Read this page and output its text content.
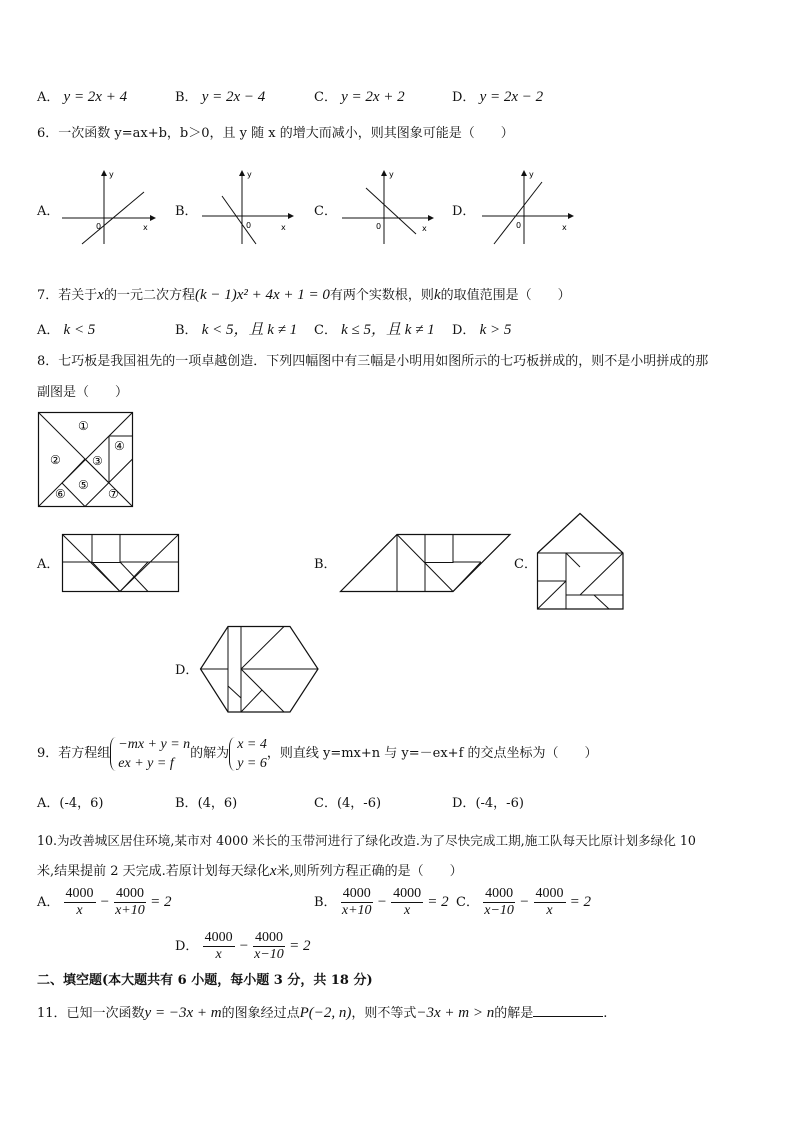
A． y = 2x + 4	B． y = 2x − 4	C． y = 2x + 2	D． y = 2x − 2
6．一次函数 y=ax+b，b＞0，且 y 随 x 的增大而减小，则其图象可能是（　　）
A．
y
x
0
B．
y
x
0
C．
y
x
0
D．
y
x
0
7．若关于x的一元二次方程(k − 1)x² + 4x + 1 = 0有两个实数根，则k的取值范围是（　　）
A． k < 5	B． k < 5，且 k ≠ 1 C． k ≤ 5，且 k ≠ 1 D． k > 5
8．七巧板是我国祖先的一项卓越创造．下列四幅图中有三幅是小明用如图所示的七巧板拼成的，则不是小明拼成的那
副图是（　　）
①
②	③
④
⑤
⑥	⑦
A．	B．	C．
D．
9．若方程组
−mx + y = n
ex + y = f
的解为
x = 4
y = 6
，则直线 y=mx+n 与 y=－ex+f 的交点坐标为（　　）
A．(-4，6)	B．(4，6)	C．(4，-6)	D．(-4，-6)
10.为改善城区居住环境,某市对 4000 米长的玉带河进行了绿化改造.为了尽快完成工期,施工队每天比原计划多绿化 10
米,结果提前 2 天完成.若原计划每天绿化x米,则所列方程正确的是（　　）
A． $\frac{4000}{x} - \frac{4000}{x+10} = 2$	B． $\frac{4000}{x+10} - \frac{4000}{x} = 2$ C． $\frac{4000}{x-10} - \frac{4000}{x} = 2$
D． $\frac{4000}{x} - \frac{4000}{x-10} = 2$
二、填空题(本大题共有 6 小题，每小题 3 分，共 18 分)
11．已知一次函数y = −3x + m的图象经过点P(−2, n)，则不等式−3x + m > n的解是	.
